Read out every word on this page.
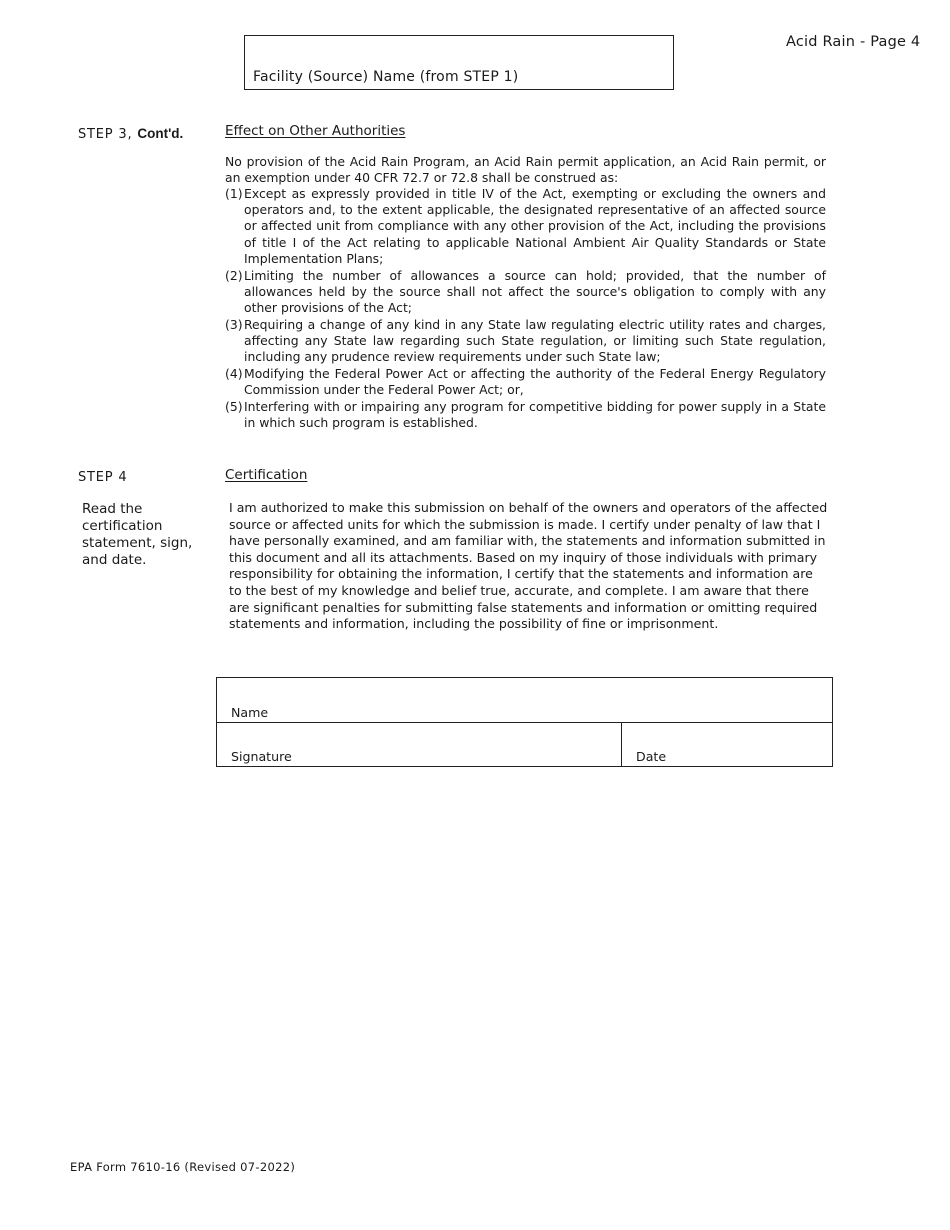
Acid Rain - Page 4
Facility (Source) Name (from STEP 1)
STEP 3, Cont'd.	Effect on Other Authorities
No provision of the Acid Rain Program, an Acid Rain permit application, an Acid Rain permit, or an exemption under 40 CFR 72.7 or 72.8 shall be construed as:
(1) Except as expressly provided in title IV of the Act, exempting or excluding the owners and operators and, to the extent applicable, the designated representative of an affected source or affected unit from compliance with any other provision of the Act, including the provisions of title I of the Act relating to applicable National Ambient Air Quality Standards or State Implementation Plans;
(2) Limiting the number of allowances a source can hold; provided, that the number of allowances held by the source shall not affect the source's obligation to comply with any other provisions of the Act;
(3) Requiring a change of any kind in any State law regulating electric utility rates and charges, affecting any State law regarding such State regulation, or limiting such State regulation, including any prudence review requirements under such State law;
(4) Modifying the Federal Power Act or affecting the authority of the Federal Energy Regulatory Commission under the Federal Power Act; or,
(5) Interfering with or impairing any program for competitive bidding for power supply in a State in which such program is established.
STEP 4
Read the certification statement, sign, and date.
Certification
I am authorized to make this submission on behalf of the owners and operators of the affected source or affected units for which the submission is made. I certify under penalty of law that I have personally examined, and am familiar with, the statements and information submitted in this document and all its attachments. Based on my inquiry of those individuals with primary responsibility for obtaining the information, I certify that the statements and information are to the best of my knowledge and belief true, accurate, and complete. I am aware that there are significant penalties for submitting false statements and information or omitting required statements and information, including the possibility of fine or imprisonment.
Name
Signature	Date
EPA Form 7610-16 (Revised 07-2022)
